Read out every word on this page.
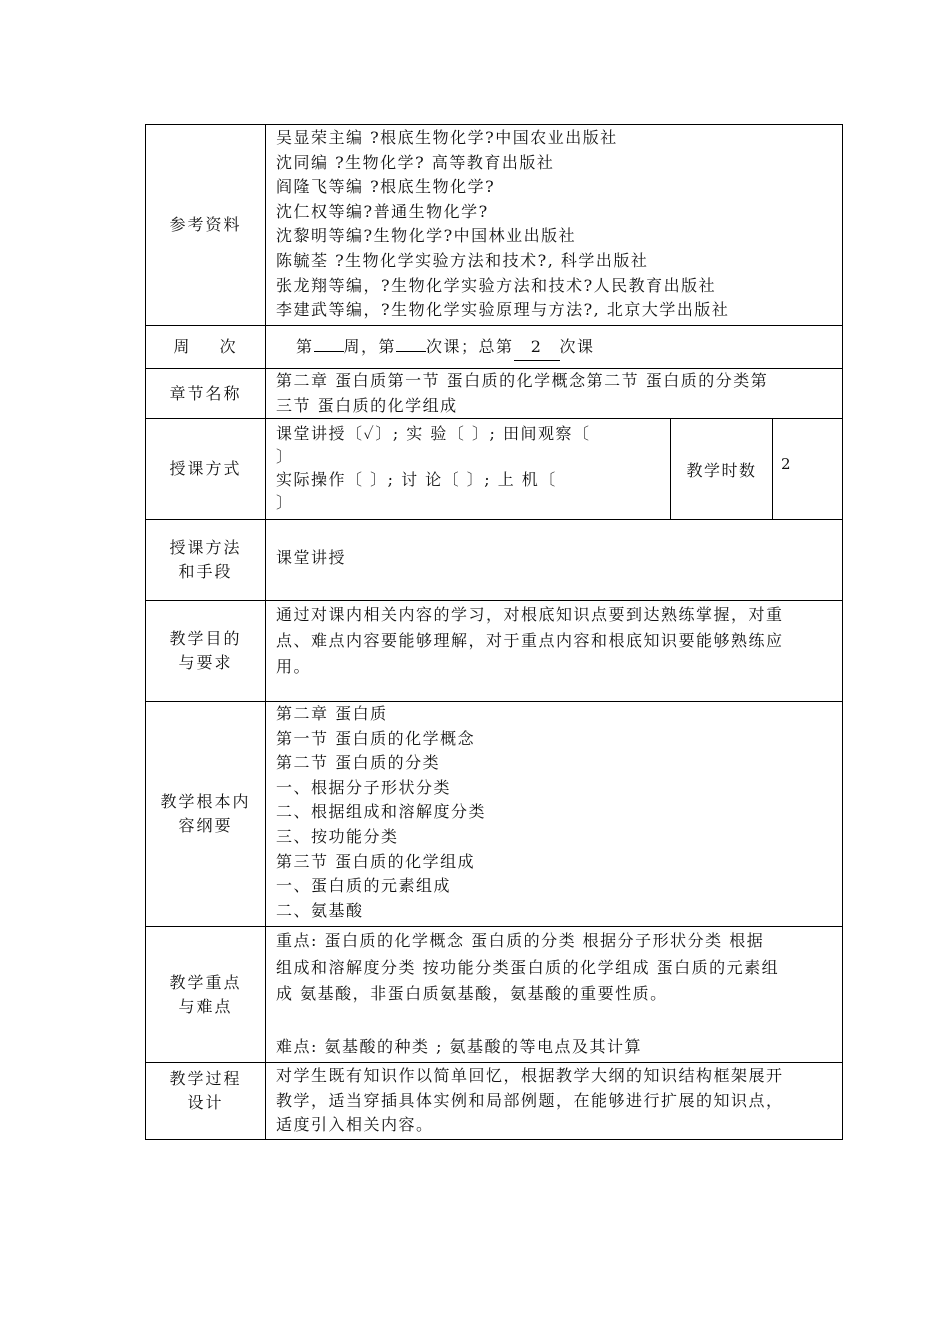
参考资料
吴显荣主编 ?根底生物化学?中国农业出版社
沈同编 ?生物化学? 高等教育出版社
阎隆飞等编 ?根底生物化学?
沈仁权等编?普通生物化学?
沈黎明等编?生物化学?中国林业出版社
陈毓荃 ?生物化学实验方法和技术?, 科学出版社
张龙翔等编，?生物化学实验方法和技术?人民教育出版社
李建武等编，?生物化学实验原理与方法?, 北京大学出版社
周    次	第 周，第 次课；总第 2 次课
章节名称
第二章 蛋白质第一节 蛋白质的化学概念第二节 蛋白质的分类第
三节 蛋白质的化学组成
授课方式
课堂讲授〔✓〕; 实 验〔 〕; 田间观察〔
〕
实际操作〔 〕; 讨 论〔 〕; 上 机〔
〕
教学时数	2
授课方法
和手段
课堂讲授
教学目的
与要求
通过对课内相关内容的学习，对根底知识点要到达熟练掌握，对重
点、难点内容要能够理解，对于重点内容和根底知识要能够熟练应
用。
教学根本内
容纲要
第二章 蛋白质
第一节 蛋白质的化学概念
第二节 蛋白质的分类
一、根据分子形状分类
二、根据组成和溶解度分类
三、按功能分类
第三节 蛋白质的化学组成
一、蛋白质的元素组成
二、氨基酸
教学重点
与难点
重点: 蛋白质的化学概念 蛋白质的分类 根据分子形状分类 根据
组成和溶解度分类 按功能分类蛋白质的化学组成 蛋白质的元素组
成 氨基酸，非蛋白质氨基酸，氨基酸的重要性质。
难点: 氨基酸的种类 ; 氨基酸的等电点及其计算
教学过程
设计
对学生既有知识作以简单回忆，根据教学大纲的知识结构框架展开
教学，适当穿插具体实例和局部例题，在能够进行扩展的知识点，
适度引入相关内容。
